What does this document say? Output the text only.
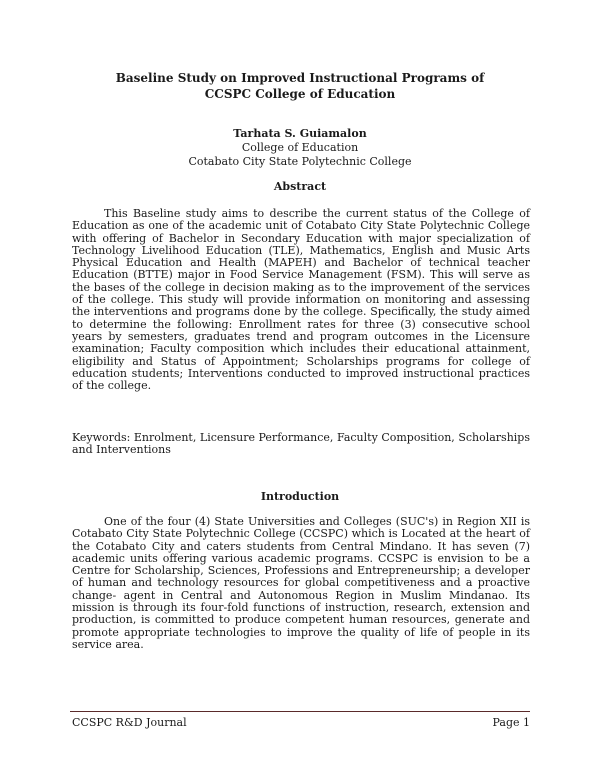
Baseline Study on Improved Instructional Programs of
CCSPC College of Education
Tarhata S. Guiamalon
College of Education
Cotabato City State Polytechnic College
Abstract

This Baseline study aims to describe the current status of the College of Education as one of the academic unit of Cotabato City State Polytechnic College with offering of Bachelor in Secondary Education with major specialization of Technology Livelihood Education (TLE), Mathematics, English and Music Arts Physical Education and Health (MAPEH) and Bachelor of technical teacher Education (BTTE) major in Food Service Management (FSM). This will serve as the bases of the college in decision making as to the improvement of the services of the college. This study will provide information on monitoring and assessing the interventions and programs done by the college. Specifically, the study aimed to determine the following: Enrollment rates for three (3) consecutive school years by semesters, graduates trend and program outcomes in the Licensure examination; Faculty composition which includes their educational attainment, eligibility and Status of Appointment; Scholarships programs for college of education students; Interventions conducted to improved instructional practices of the college.

Keywords: Enrolment, Licensure Performance, Faculty Composition, Scholarships and Interventions

Introduction

One of the four (4) State Universities and Colleges (SUC's) in Region XII is Cotabato City State Polytechnic College (CCSPC) which is Located at the heart of the Cotabato City and caters students from Central Mindano. It has seven (7) academic units offering various academic programs. CCSPC is envision to be a Centre for Scholarship, Sciences, Professions and Entrepreneurship; a developer of human and technology resources for global competitiveness and a proactive change- agent in Central and Autonomous Region in Muslim Mindanao. Its mission is through its four-fold functions of instruction, research, extension and production, is committed to produce competent human resources, generate and promote appropriate technologies to improve the quality of life of people in its service area.

CCSPC R&D Journal	Page 1
